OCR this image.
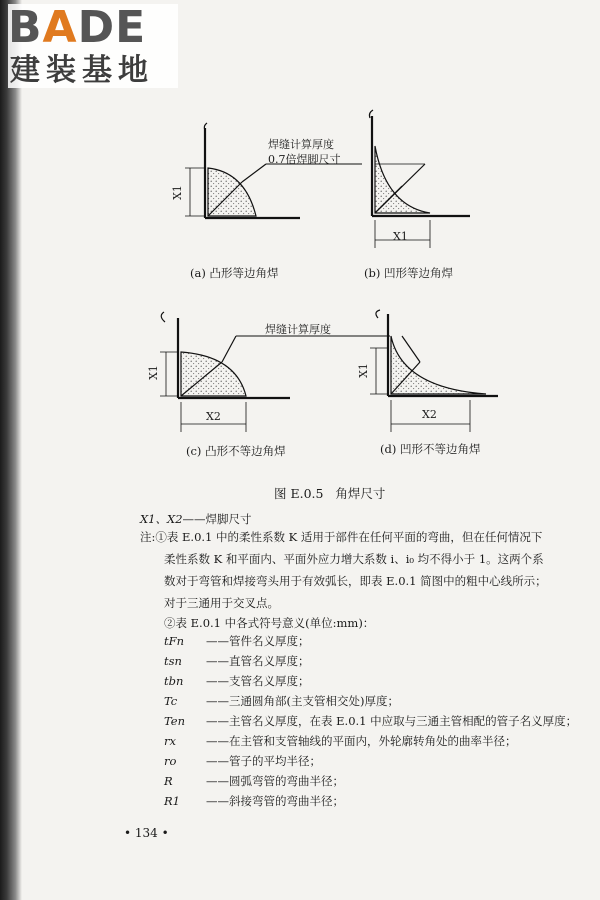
BADE
建装基地
焊缝计算厚度
0.7倍焊脚尺寸
X1
X1
焊缝计算厚度
X1
X2
X1
X2
(a) 凸形等边角焊	(b) 凹形等边角焊
(c) 凸形不等边角焊	(d) 凹形不等边角焊
图 E.0.5 角焊尺寸
X1、X2——焊脚尺寸
注:①表 E.0.1 中的柔性系数 K 适用于部件在任何平面的弯曲，但在任何情况下
柔性系数 K 和平面内、平面外应力增大系数 i、i₀ 均不得小于 1。这两个系
数对于弯管和焊接弯头用于有效弧长，即表 E.0.1 简图中的粗中心线所示；
对于三通用于交叉点。
②表 E.0.1 中各式符号意义(单位:mm)：
tFn ——管件名义厚度；
tsn ——直管名义厚度；
tbn ——支管名义厚度；
Tc	——三通圆角部(主支管相交处)厚度；
Ten ——主管名义厚度，在表 E.0.1 中应取与三通主管相配的管子名义厚度；
rx	——在主管和支管轴线的平面内，外轮廓转角处的曲率半径；
ro	——管子的平均半径；
R	——圆弧弯管的弯曲半径；
R1 ——斜接弯管的弯曲半径；
• 134 •
